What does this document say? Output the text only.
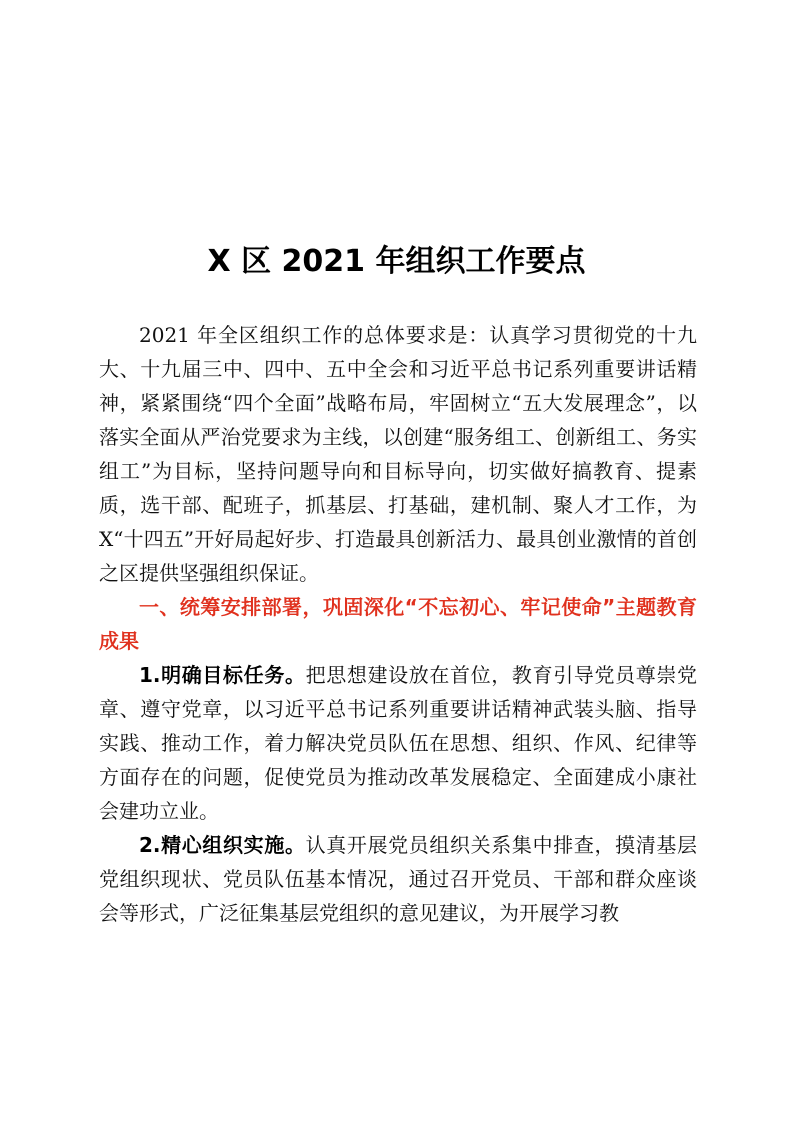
X 区 2021 年组织工作要点

2021 年全区组织工作的总体要求是：认真学习贯彻党的十九大、十九届三中、四中、五中全会和习近平总书记系列重要讲话精神，紧紧围绕“四个全面”战略布局，牢固树立“五大发展理念”，以落实全面从严治党要求为主线，以创建“服务组工、创新组工、务实组工”为目标，坚持问题导向和目标导向，切实做好搞教育、提素质，选干部、配班子，抓基层、打基础，建机制、聚人才工作，为 X“十四五”开好局起好步、打造最具创新活力、最具创业激情的首创之区提供坚强组织保证。

一、统筹安排部署，巩固深化“不忘初心、牢记使命”主题教育成果

1.明确目标任务。把思想建设放在首位，教育引导党员尊崇党章、遵守党章，以习近平总书记系列重要讲话精神武装头脑、指导实践、推动工作，着力解决党员队伍在思想、组织、作风、纪律等方面存在的问题，促使党员为推动改革发展稳定、全面建成小康社会建功立业。

2.精心组织实施。认真开展党员组织关系集中排查，摸清基层党组织现状、党员队伍基本情况，通过召开党员、干部和群众座谈会等形式，广泛征集基层党组织的意见建议，为开展学习教
